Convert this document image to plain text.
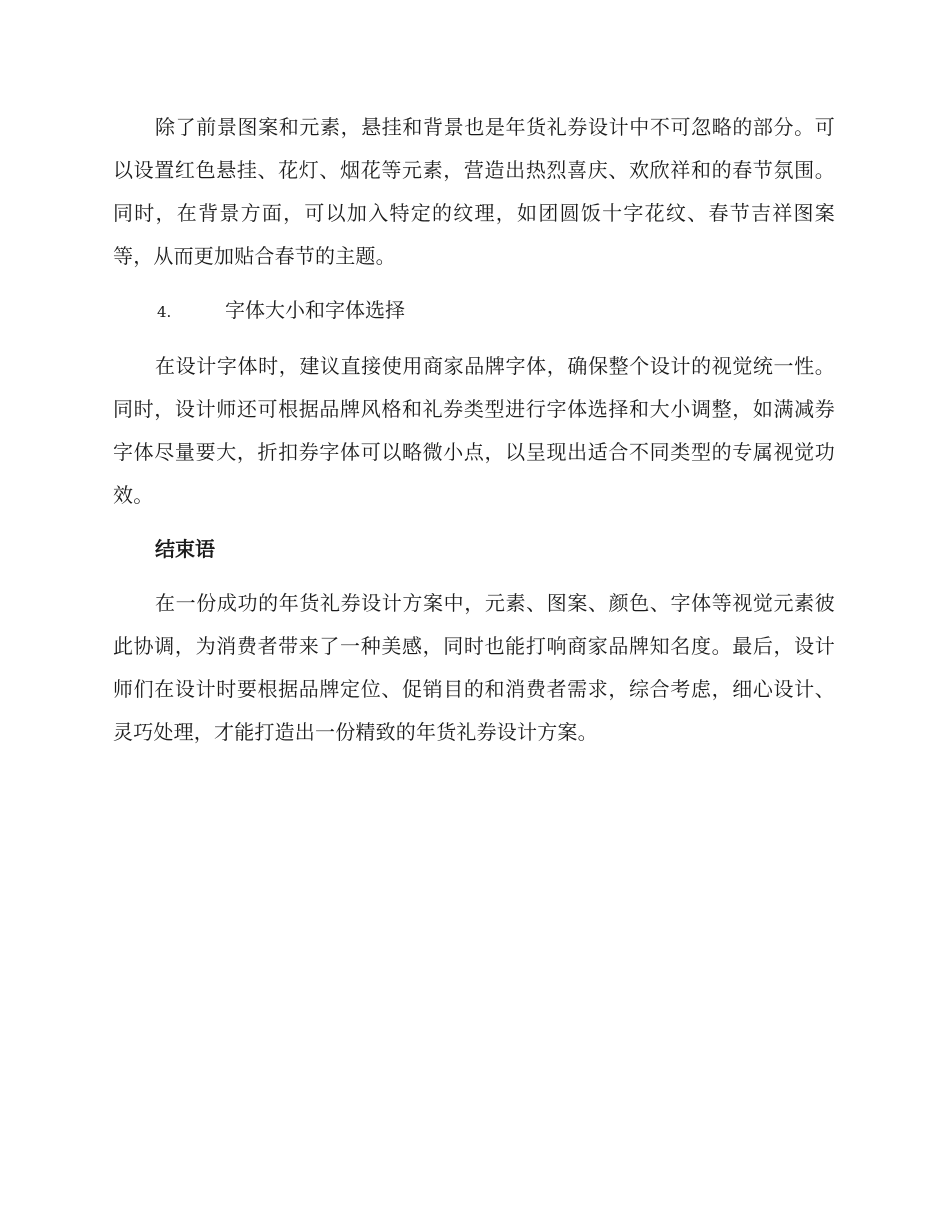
除了前景图案和元素，悬挂和背景也是年货礼券设计中不可忽略的部分。可以设置红色悬挂、花灯、烟花等元素，营造出热烈喜庆、欢欣祥和的春节氛围。同时，在背景方面，可以加入特定的纹理，如团圆饭十字花纹、春节吉祥图案等，从而更加贴合春节的主题。

4.	字体大小和字体选择

在设计字体时，建议直接使用商家品牌字体，确保整个设计的视觉统一性。同时，设计师还可根据品牌风格和礼券类型进行字体选择和大小调整，如满减券字体尽量要大，折扣券字体可以略微小点，以呈现出适合不同类型的专属视觉功效。

结束语

在一份成功的年货礼券设计方案中，元素、图案、颜色、字体等视觉元素彼此协调，为消费者带来了一种美感，同时也能打响商家品牌知名度。最后，设计师们在设计时要根据品牌定位、促销目的和消费者需求，综合考虑，细心设计、灵巧处理，才能打造出一份精致的年货礼券设计方案。
